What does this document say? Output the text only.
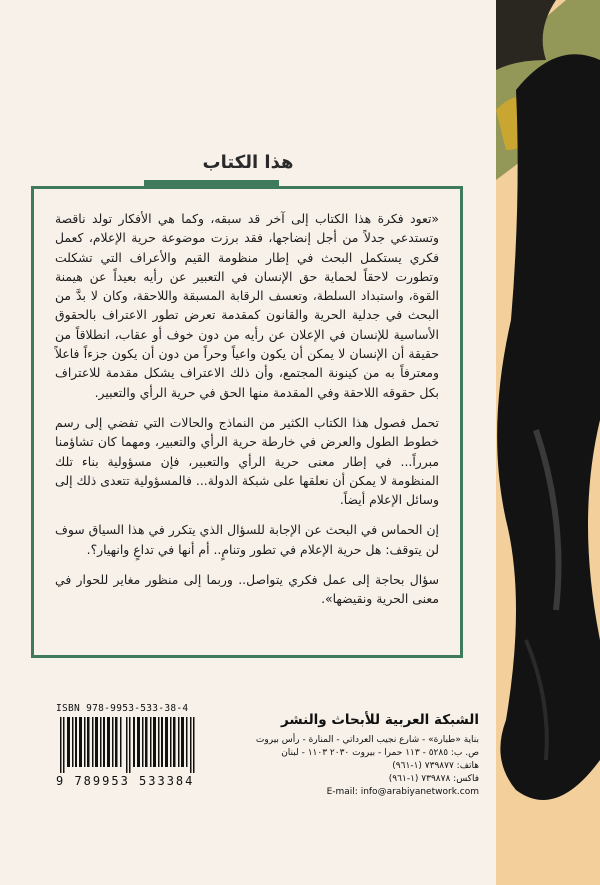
هذا الكتاب

«تعود فكرة هذا الكتاب إلى آخر قد سبقه، وكما هي الأفكار تولد ناقصة وتستدعي جدلاً من أجل إنضاجها، فقد برزت موضوعة حرية الإعلام، كعمل فكري يستكمل البحث في إطار منظومة القيم والأعراف التي تشكلت وتطورت لاحقاً لحماية حق الإنسان في التعبير عن رأيه بعيداً عن هيمنة القوة، واستبداد السلطة، وتعسف الرقابة المسبقة واللاحقة، وكان لا بدَّ من البحث في جدلية الحرية والقانون كمقدمة تعرض تطور الاعتراف بالحقوق الأساسية للإنسان في الإعلان عن رأيه من دون خوف أو عقاب، انطلاقاً من حقيقة أن الإنسان لا يمكن أن يكون واعياً وحراً من دون أن يكون جزءاً فاعلاً ومعترفاً به من كينونة المجتمع، وأن ذلك الاعتراف يشكل مقدمة للاعتراف بكل حقوقه اللاحقة وفي المقدمة منها الحق في حرية الرأي والتعبير.

تحمل فصول هذا الكتاب الكثير من النماذج والحالات التي تفضي إلى رسم خطوط الطول والعرض في خارطة حرية الرأي والتعبير، ومهما كان تشاؤمنا مبرراً... في إطار معنى حرية الرأي والتعبير، فإن مسؤولية بناء تلك المنظومة لا يمكن أن نعلقها على شبكة الدولة... فالمسؤولية تتعدى ذلك إلى وسائل الإعلام أيضاً.

إن الحماس في البحث عن الإجابة للسؤال الذي يتكرر في هذا السياق سوف لن يتوقف: هل حرية الإعلام في تطور وتنامٍ.. أم أنها في تداعٍ وانهيار؟.

سؤال بحاجة إلى عمل فكري يتواصل.. وربما إلى منظور مغاير للحوار في معنى الحرية ونقيضها».

ISBN 978-9953-533-38-4
9 789953 533384
الشبكة العربية للأبحاث والنشر
بناية «طبارة» - شارع نجيب العرداتي - المنارة - رأس بيروت
ص. ب: ٥٢٨٥ - ١١٣ حمرا - بيروت ٢٠٣٠ ١١٠٣ - لبنان
هاتف: ٧٣٩٨٧٧ (١-٩٦١)
فاكس: ٧٣٩٨٧٨ (١-٩٦١)
E-mail: info@arabiyanetwork.com
